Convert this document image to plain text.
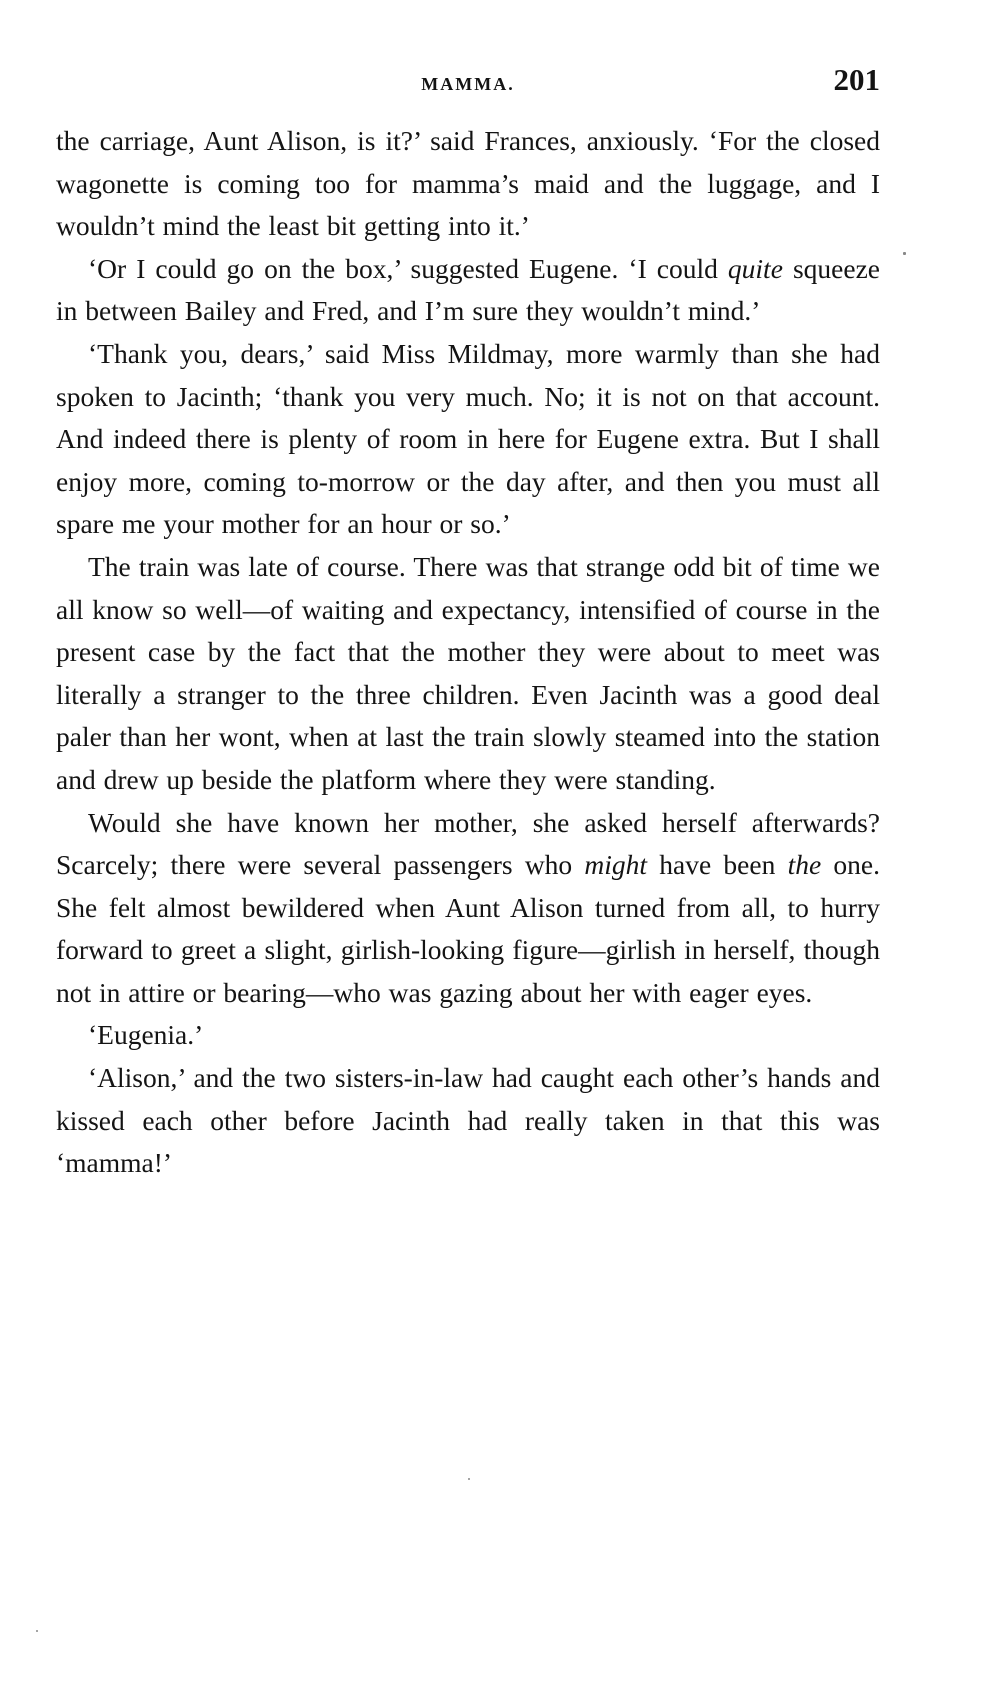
MAMMA.	201

the carriage, Aunt Alison, is it?’ said Frances, anxiously. ‘For the closed wagonette is coming too for mamma’s maid and the luggage, and I wouldn’t mind the least bit getting into it.’

‘Or I could go on the box,’ suggested Eugene. ‘I could quite squeeze in between Bailey and Fred, and I’m sure they wouldn’t mind.’

‘Thank you, dears,’ said Miss Mildmay, more warmly than she had spoken to Jacinth; ‘thank you very much. No; it is not on that account. And indeed there is plenty of room in here for Eugene extra. But I shall enjoy more, coming to-morrow or the day after, and then you must all spare me your mother for an hour or so.’

The train was late of course. There was that strange odd bit of time we all know so well—of waiting and expectancy, intensified of course in the present case by the fact that the mother they were about to meet was literally a stranger to the three children. Even Jacinth was a good deal paler than her wont, when at last the train slowly steamed into the station and drew up beside the platform where they were standing.

Would she have known her mother, she asked herself afterwards? Scarcely; there were several passengers who might have been the one. She felt almost bewildered when Aunt Alison turned from all, to hurry forward to greet a slight, girlish-looking figure—girlish in herself, though not in attire or bearing—who was gazing about her with eager eyes.

‘Eugenia.’

‘Alison,’ and the two sisters-in-law had caught each other’s hands and kissed each other before Jacinth had really taken in that this was ‘mamma!’
